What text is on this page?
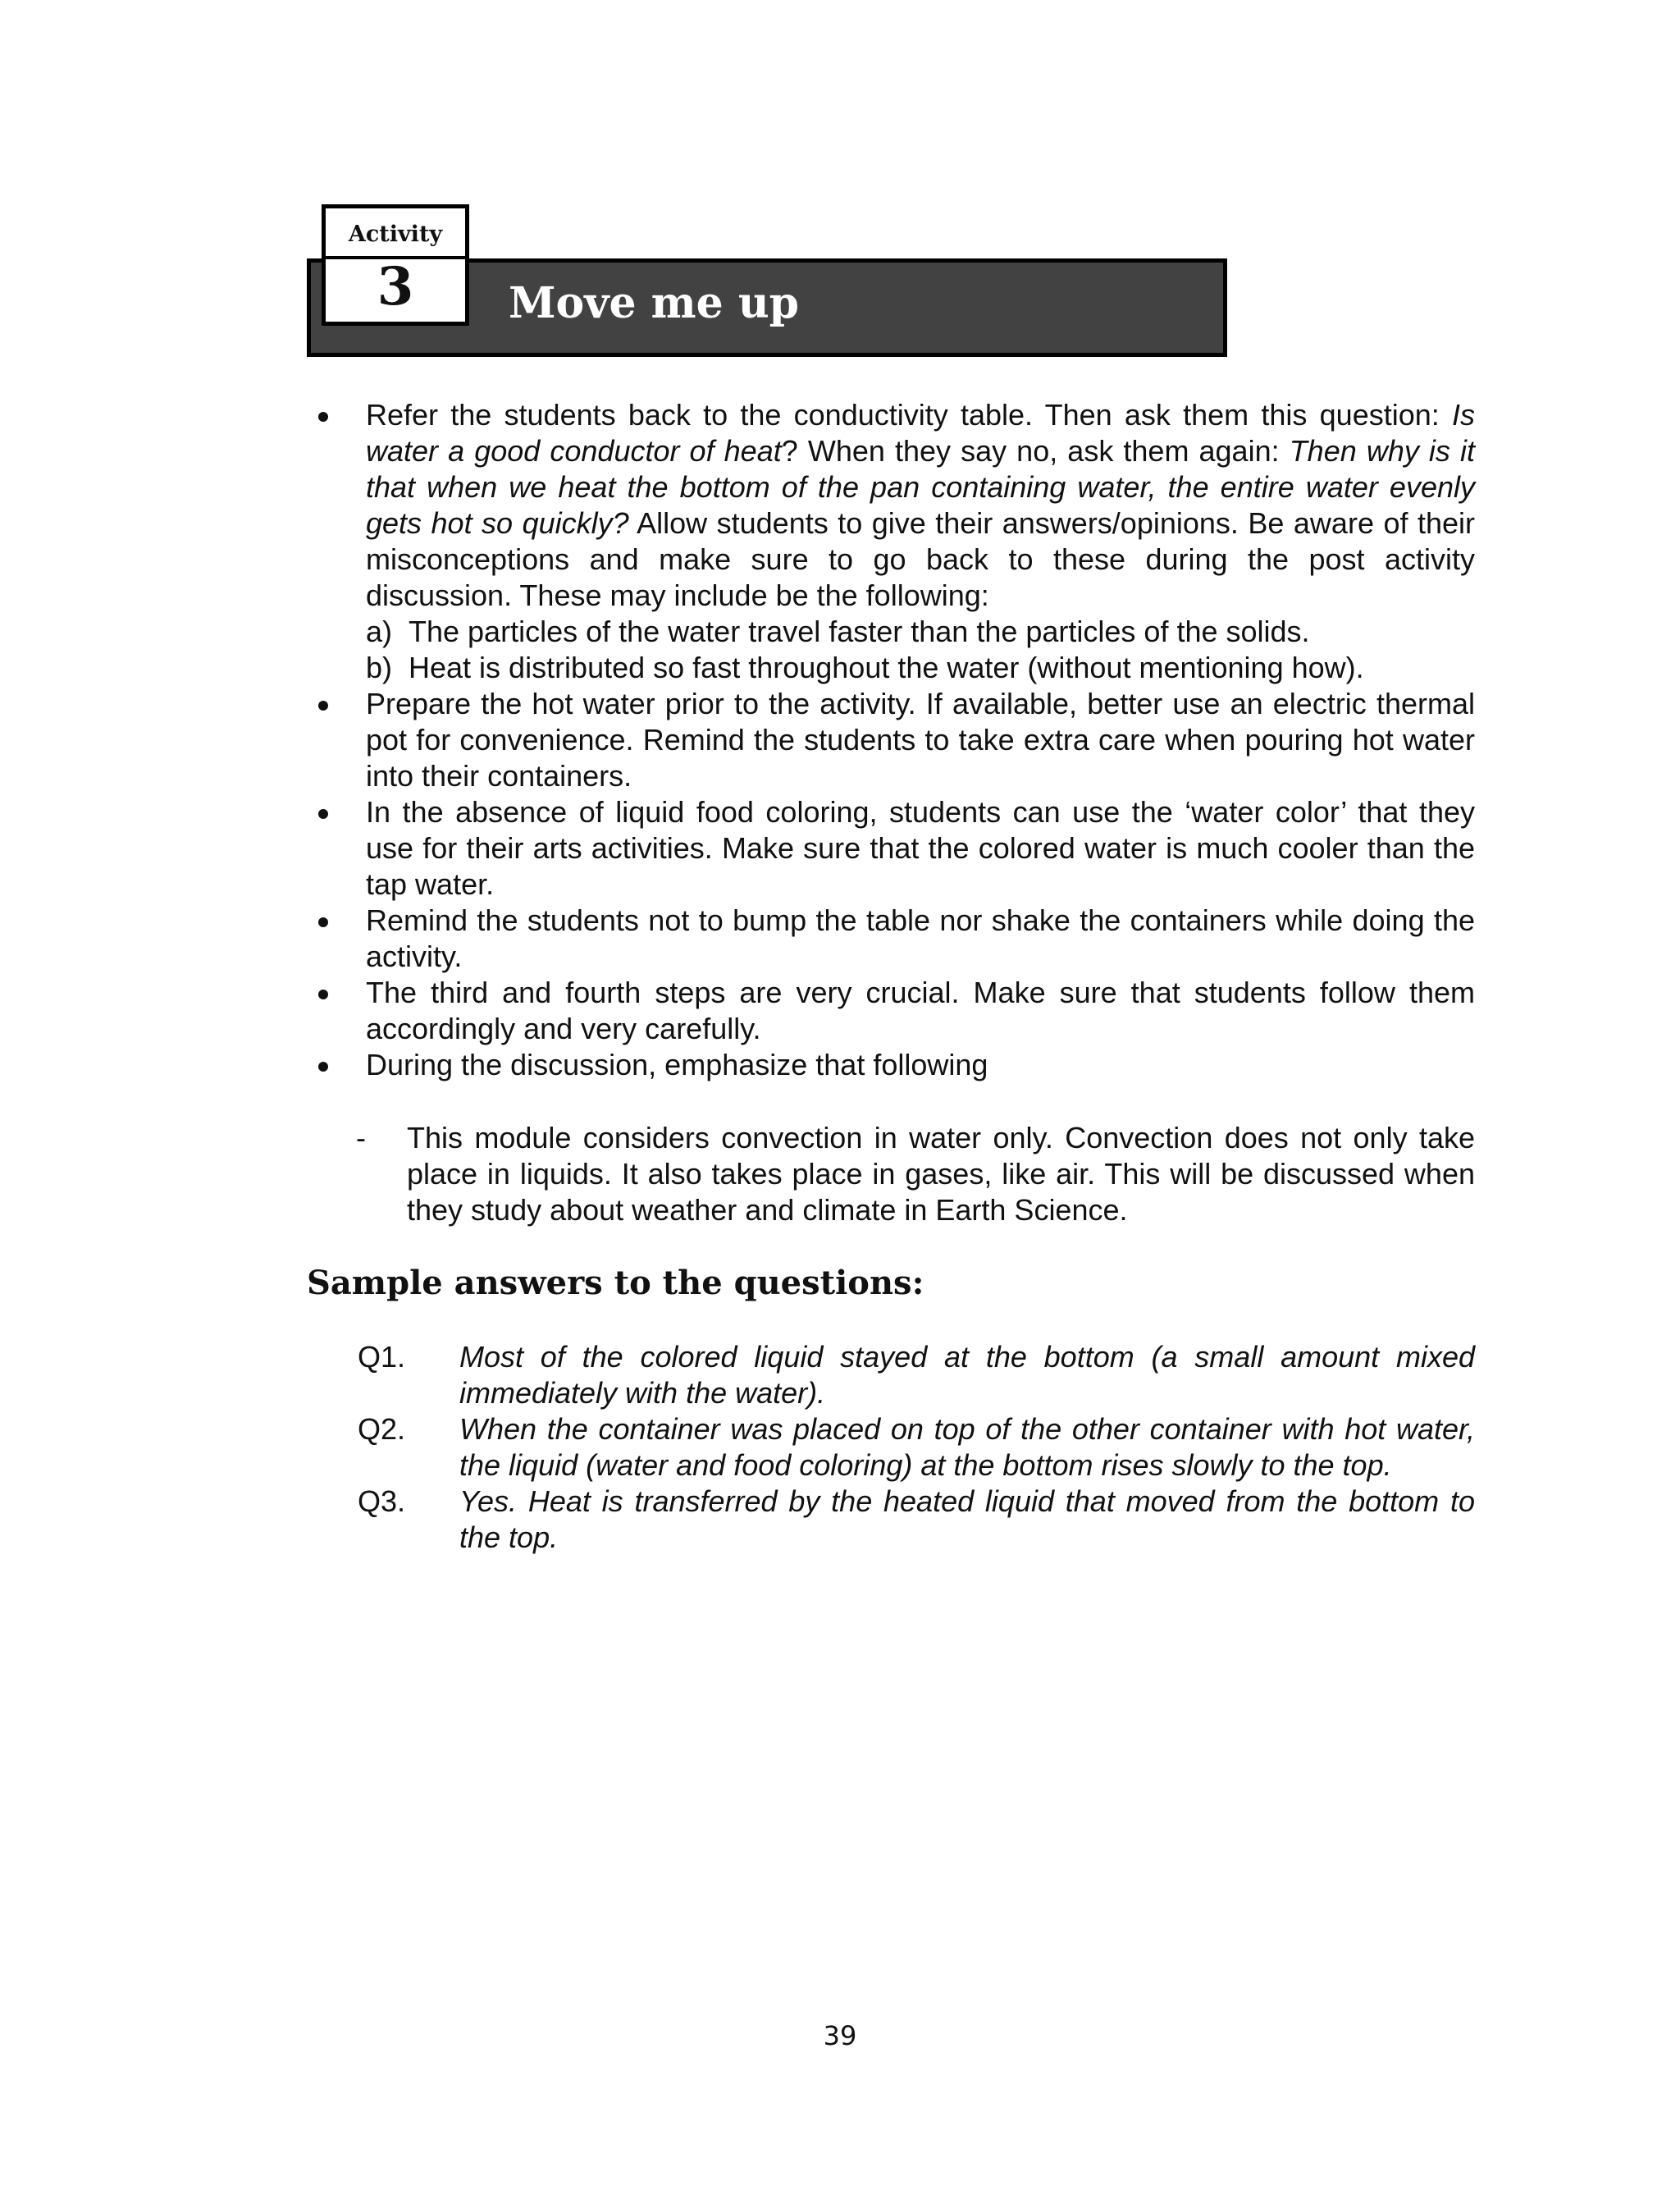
Move me up
Activity
3
Refer the students back to the conductivity table. Then ask them this question: Is water a good conductor of heat? When they say no, ask them again: Then why is it that when we heat the bottom of the pan containing water, the entire water evenly gets hot so quickly? Allow students to give their answers/opinions. Be aware of their misconceptions and make sure to go back to these during the post activity discussion. These may include be the following:
a) The particles of the water travel faster than the particles of the solids.
b) Heat is distributed so fast throughout the water (without mentioning how).
Prepare the hot water prior to the activity. If available, better use an electric thermal pot for convenience. Remind the students to take extra care when pouring hot water into their containers.
In the absence of liquid food coloring, students can use the ‘water color’ that they use for their arts activities. Make sure that the colored water is much cooler than the tap water.
Remind the students not to bump the table nor shake the containers while doing the activity.
The third and fourth steps are very crucial. Make sure that students follow them accordingly and very carefully.
During the discussion, emphasize that following
- This module considers convection in water only. Convection does not only take place in liquids. It also takes place in gases, like air. This will be discussed when they study about weather and climate in Earth Science.
Sample answers to the questions:
Q1.	Most of the colored liquid stayed at the bottom (a small amount mixed immediately with the water).
Q2.	When the container was placed on top of the other container with hot water, the liquid (water and food coloring) at the bottom rises slowly to the top.
Q3.	Yes. Heat is transferred by the heated liquid that moved from the bottom to the top.
39
